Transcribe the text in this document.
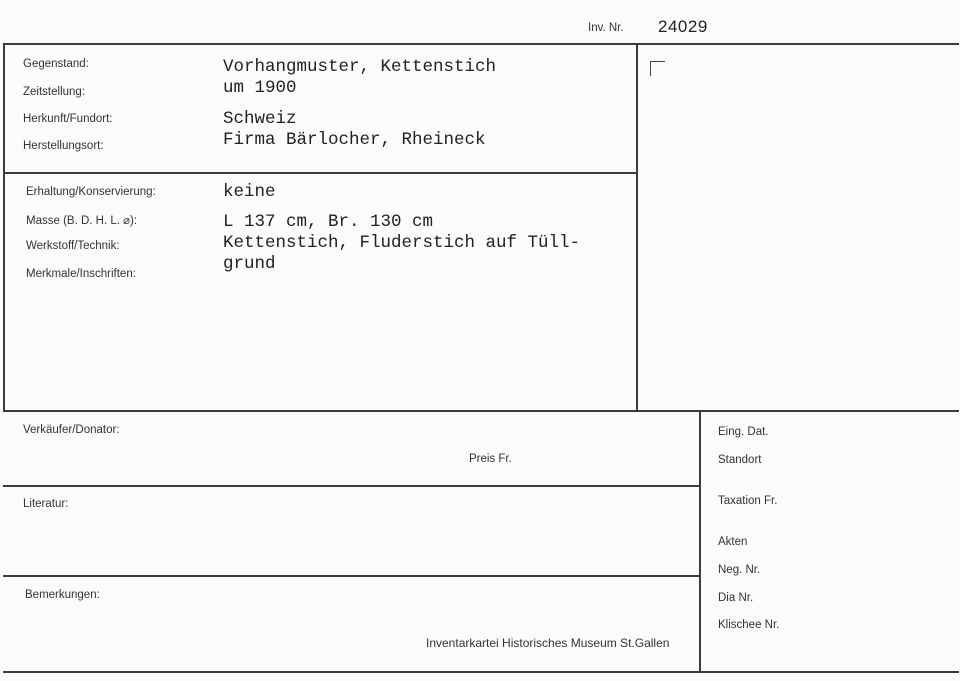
Inv. Nr. 24029
Gegenstand:
Zeitstellung:
Herkunft/Fundort:
Herstellungsort:
Vorhangmuster, Kettenstich
um 1900
Schweiz
Firma Bärlocher, Rheineck
Erhaltung/Konservierung:
Masse (B. D. H. L. ⌀):
Werkstoff/Technik:
Merkmale/Inschriften:
keine
L 137 cm, Br. 130 cm
Kettenstich, Fluderstich auf Tüll-
grund
Verkäufer/Donator:
Preis Fr.
Literatur:
Bemerkungen:
Inventarkartei Historisches Museum St.Gallen
Eing. Dat.
Standort
Taxation Fr.
Akten
Neg. Nr.
Dia Nr.
Klischee Nr.
